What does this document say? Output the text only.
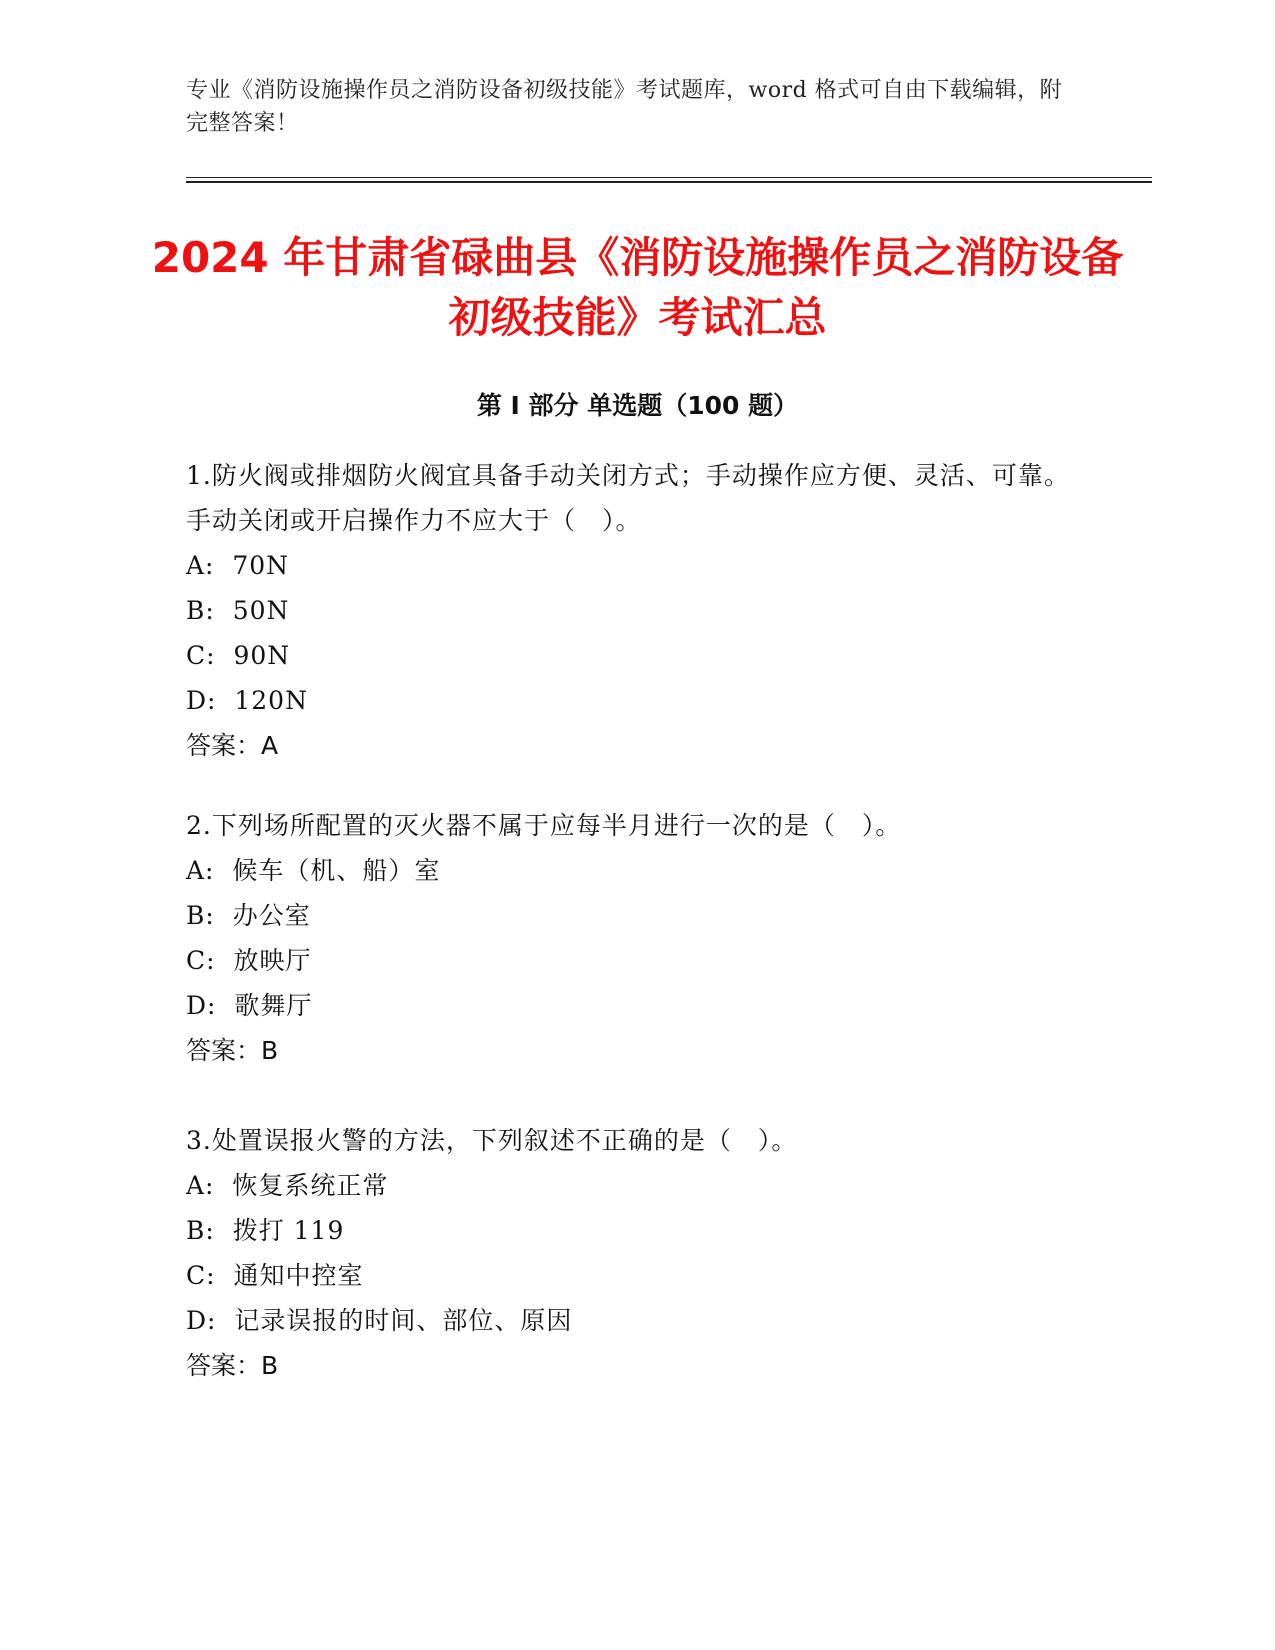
专业《消防设施操作员之消防设备初级技能》考试题库，word 格式可自由下载编辑，附完整答案！
2024 年甘肃省碌曲县《消防设施操作员之消防设备初级技能》考试汇总
第 I 部分 单选题（100 题）

1.防火阀或排烟防火阀宜具备手动关闭方式；手动操作应方便、灵活、可靠。手动关闭或开启操作力不应大于（　）。

A:  70N

B:  50N

C:  90N

D:  120N

答案：A

2.下列场所配置的灭火器不属于应每半月进行一次的是（　）。

A:  候车（机、船）室

B:  办公室

C:  放映厅

D:  歌舞厅

答案：B

3.处置误报火警的方法，下列叙述不正确的是（　）。

A:  恢复系统正常

B:  拨打 119

C:  通知中控室

D:  记录误报的时间、部位、原因

答案：B
